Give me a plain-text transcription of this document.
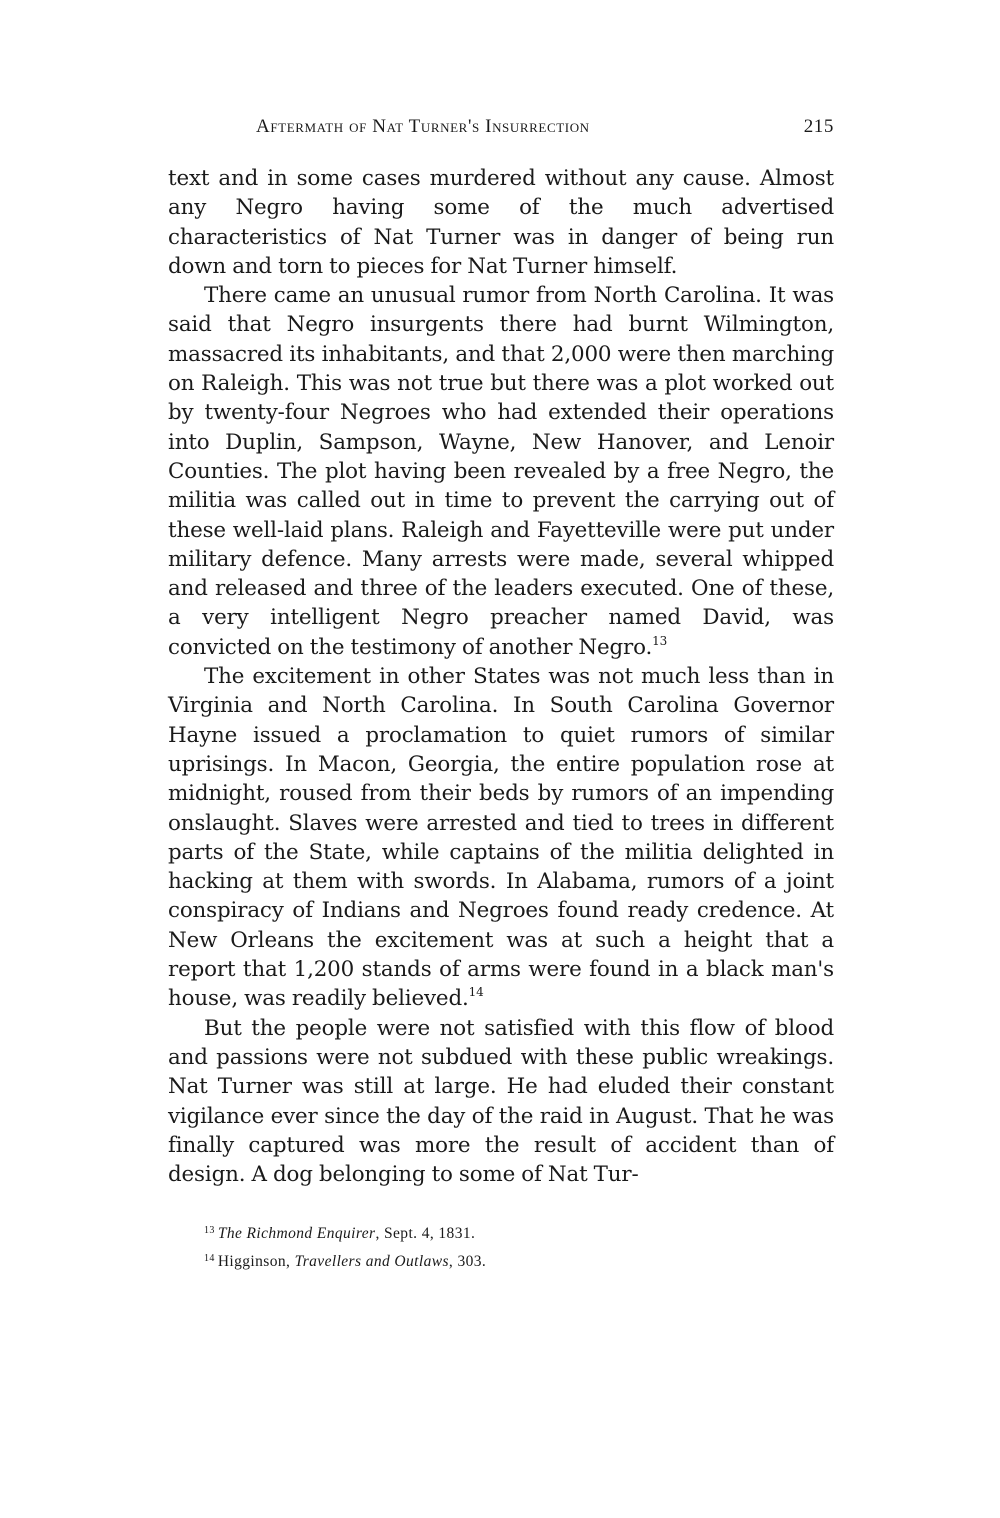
Aftermath of Nat Turner's Insurrection	215

text and in some cases murdered without any cause. Almost any Negro having some of the much advertised characteristics of Nat Turner was in danger of being run down and torn to pieces for Nat Turner himself.

There came an unusual rumor from North Carolina. It was said that Negro insurgents there had burnt Wilmington, massacred its inhabitants, and that 2,000 were then marching on Raleigh. This was not true but there was a plot worked out by twenty-four Negroes who had extended their operations into Duplin, Sampson, Wayne, New Hanover, and Lenoir Counties. The plot having been revealed by a free Negro, the militia was called out in time to prevent the carrying out of these well-laid plans. Raleigh and Fayetteville were put under military defence. Many arrests were made, several whipped and released and three of the leaders executed. One of these, a very intelligent Negro preacher named David, was convicted on the testimony of another Negro.$^{13}$

The excitement in other States was not much less than in Virginia and North Carolina. In South Carolina Governor Hayne issued a proclamation to quiet rumors of similar uprisings. In Macon, Georgia, the entire population rose at midnight, roused from their beds by rumors of an impending onslaught. Slaves were arrested and tied to trees in different parts of the State, while captains of the militia delighted in hacking at them with swords. In Alabama, rumors of a joint conspiracy of Indians and Negroes found ready credence. At New Orleans the excitement was at such a height that a report that 1,200 stands of arms were found in a black man's house, was readily believed.$^{14}$

But the people were not satisfied with this flow of blood and passions were not subdued with these public wreakings. Nat Turner was still at large. He had eluded their constant vigilance ever since the day of the raid in August. That he was finally captured was more the result of accident than of design. A dog belonging to some of Nat Tur-

$^{13}$ The Richmond Enquirer, Sept. 4, 1831.

$^{14}$ Higginson, Travellers and Outlaws, 303.
